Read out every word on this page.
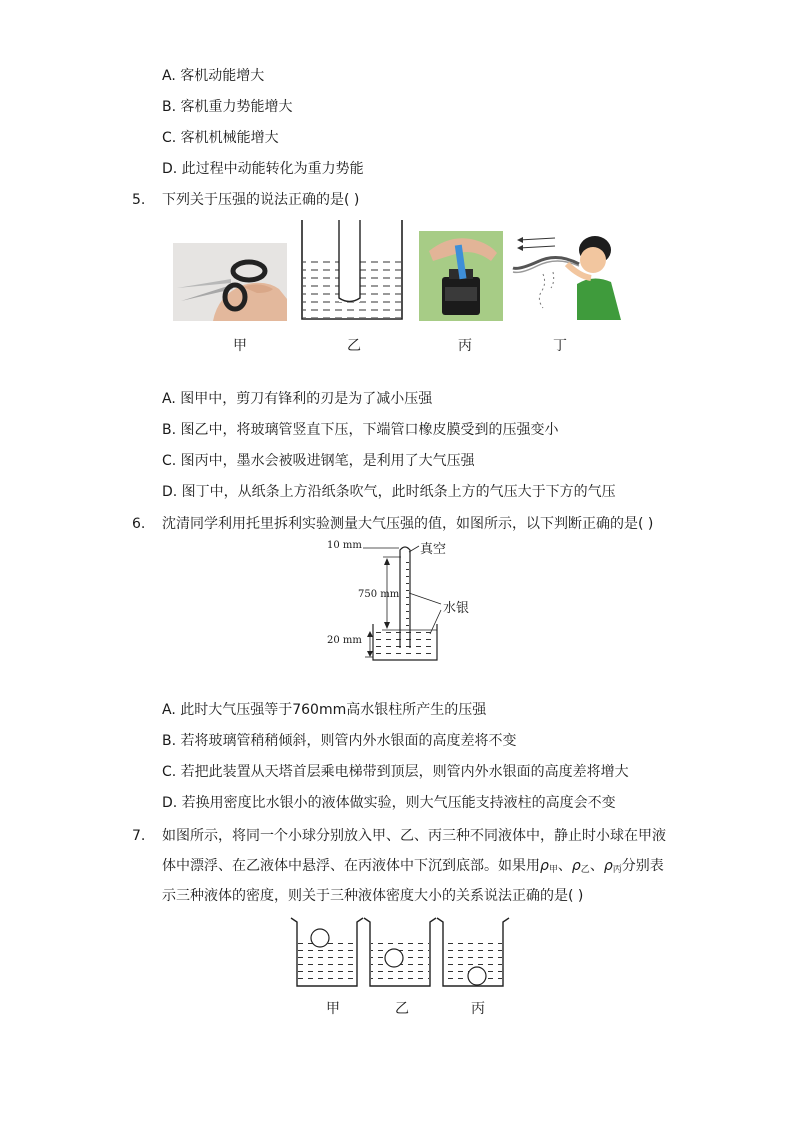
A. 客机动能增大
B. 客机重力势能增大
C. 客机机械能增大
D. 此过程中动能转化为重力势能
5. 下列关于压强的说法正确的是( )
甲	乙	丙	丁
A. 图甲中，剪刀有锋利的刃是为了减小压强
B. 图乙中，将玻璃管竖直下压，下端管口橡皮膜受到的压强变小
C. 图丙中，墨水会被吸进钢笔，是利用了大气压强
D. 图丁中，从纸条上方沿纸条吹气，此时纸条上方的气压大于下方的气压
6. 沈清同学利用托里拆利实验测量大气压强的值，如图所示，以下判断正确的是( )
10 mm
750 mm
20 mm
真空
水银
A. 此时大气压强等于760mm高水银柱所产生的压强
B. 若将玻璃管稍稍倾斜，则管内外水银面的高度差将不变
C. 若把此装置从天塔首层乘电梯带到顶层，则管内外水银面的高度差将增大
D. 若换用密度比水银小的液体做实验，则大气压能支持液柱的高度会不变
7. 如图所示，将同一个小球分别放入甲、乙、丙三种不同液体中，静止时小球在甲液
体中漂浮、在乙液体中悬浮、在丙液体中下沉到底部。如果用$\rho_甲$、$\rho_乙$、$\rho_丙$分别表
示三种液体的密度，则关于三种液体密度大小的关系说法正确的是( )
甲	乙	丙
